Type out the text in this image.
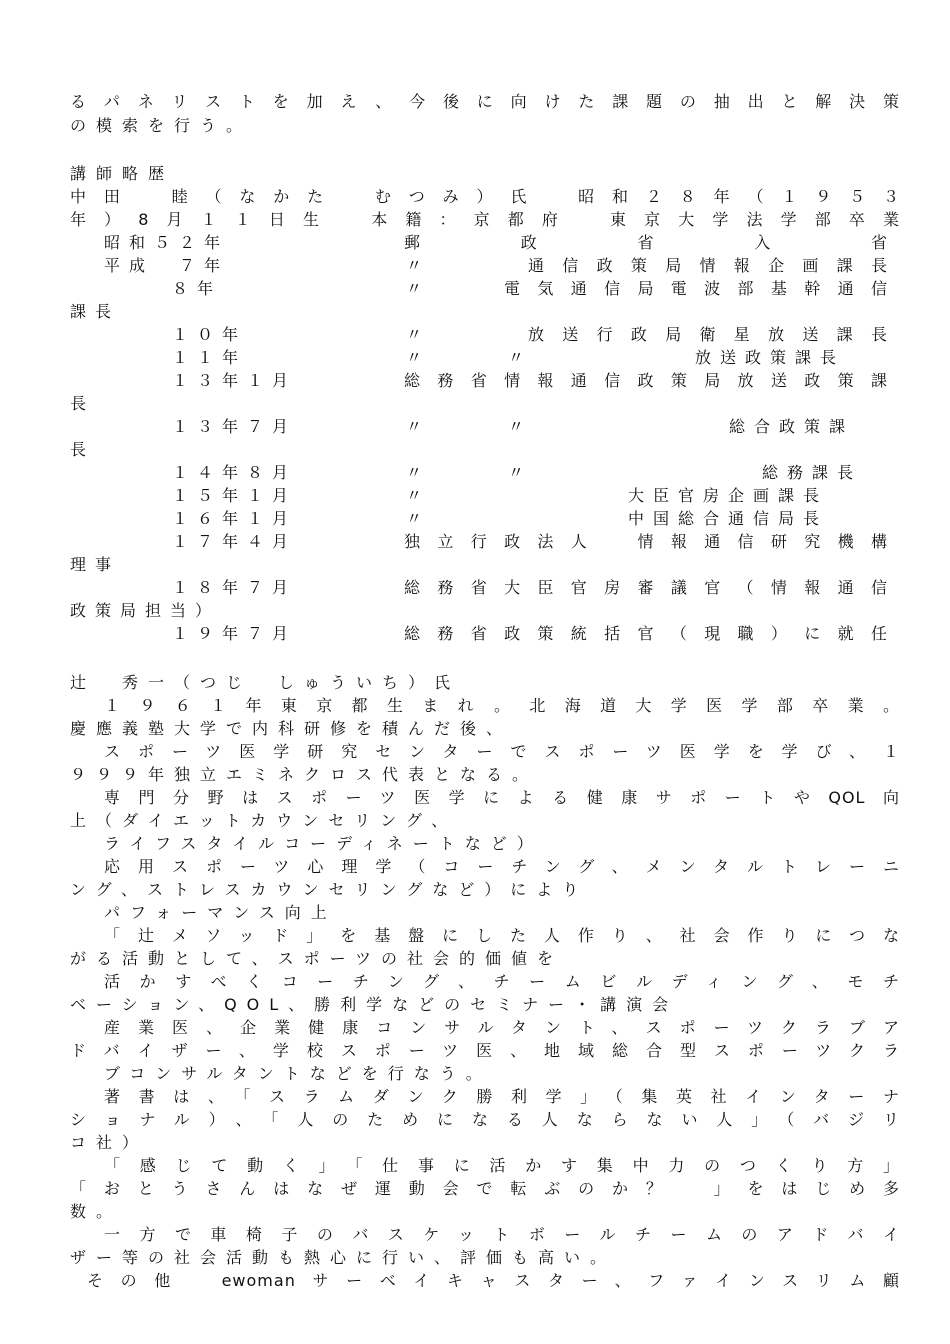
るパネリストを加え、今後に向けた課題の抽出と解決策
の模索を行う。
講師略歴
中田　睦（なかた　むつみ）氏　昭和２８年（１９５３
年）8月１１日生　本籍：京都府　東京大学法学部卒業
昭和５２年	郵政省入省
平成　７年	〃	通信政策局情報企画課長
８年	〃	電気通信局電波部基幹通信
課長
１０年	〃	放送行政局衛星放送課長
１１年	〃	〃	放送政策課長
１３年１月	総務省情報通信政策局放送政策課
長
１３年７月	〃	〃	総合政策課
長
１４年８月	〃	〃	総務課長
１５年１月	〃	大臣官房企画課長
１６年１月	〃	中国総合通信局長
１７年４月	独立行政法人　情報通信研究機構
理事
１８年７月	総務省大臣官房審議官（情報通信
政策局担当）
１９年７月	総務省政策統括官（現職）に就任
辻　秀一（つじ　しゅういち）氏
１９６１年東京都生まれ。北海道大学医学部卒業。
慶應義塾大学で内科研修を積んだ後、
スポーツ医学研究センターでスポーツ医学を学び、１
９９９年独立エミネクロス代表となる。
専門分野はスポーツ医学による健康サポートやQOL向
上（ダイエットカウンセリング、
ライフスタイルコーディネートなど）
応用スポーツ心理学（コーチング、メンタルトレーニ
ング、ストレスカウンセリングなど）により
パフォーマンス向上
「辻メソッド」を基盤にした人作り、社会作りにつな
がる活動として、スポーツの社会的価値を
活かすべくコーチング、チームビルディング、モチ
ベーション、QOL、勝利学などのセミナー・講演会
産業医、企業健康コンサルタント、スポーツクラブア
ドバイザー、学校スポーツ医、地域総合型スポーツクラ
ブコンサルタントなどを行なう。
著書は、「スラムダンク勝利学」（集英社インターナ
ショナル）、「人のためになる人ならない人」（バジリ
コ社）
「感じて動く」「仕事に活かす集中力のつくり方」
「おとうさんはなぜ運動会で転ぶのか？　」をはじめ多
数。
一方で車椅子のバスケットボールチームのアドバイ
ザー等の社会活動も熱心に行い、評価も高い。
その他　ewomanサーベイキャスター、ファインスリム顧
